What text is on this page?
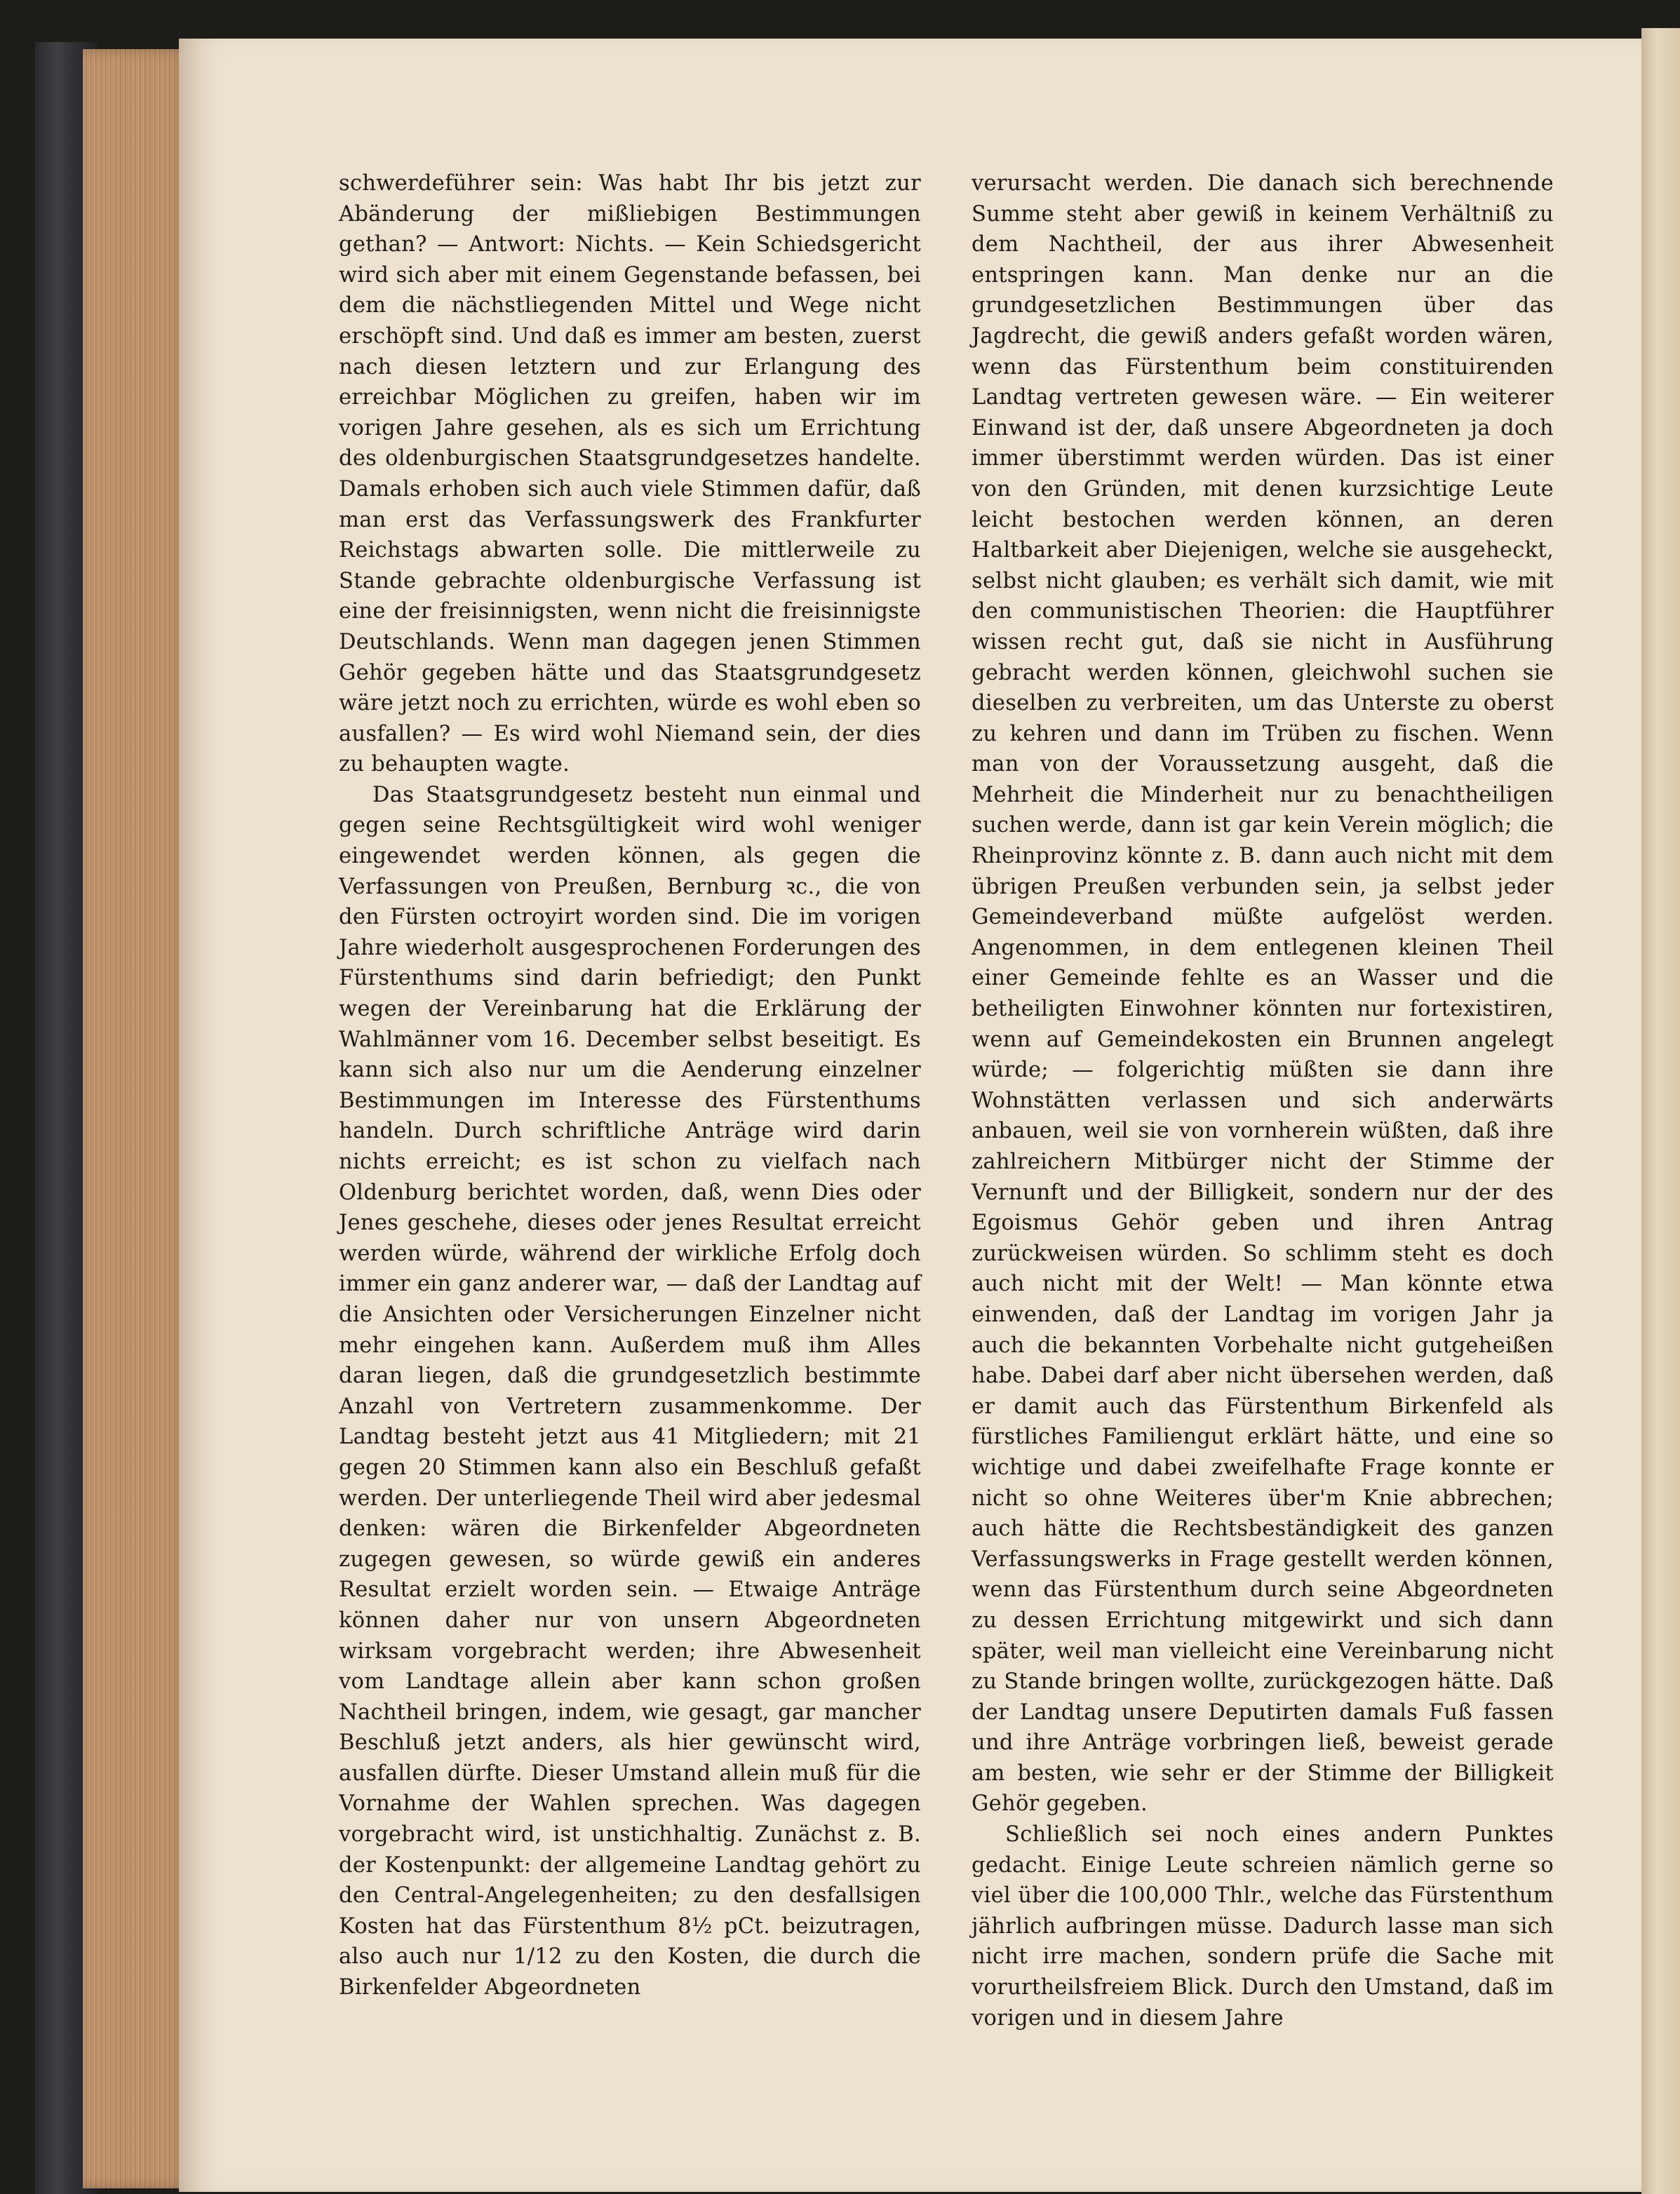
schwerdeführer sein: Was habt Ihr bis jetzt zur Abänderung der mißliebigen Bestimmungen gethan? — Antwort: Nichts. — Kein Schiedsgericht wird sich aber mit einem Gegenstande befassen, bei dem die nächstliegenden Mittel und Wege nicht erschöpft sind. Und daß es immer am besten, zuerst nach diesen letztern und zur Erlangung des erreichbar Möglichen zu greifen, haben wir im vorigen Jahre gesehen, als es sich um Errichtung des oldenburgischen Staatsgrundgesetzes handelte. Damals erhoben sich auch viele Stimmen dafür, daß man erst das Verfassungswerk des Frankfurter Reichstags abwarten solle. Die mittlerweile zu Stande gebrachte oldenburgische Verfassung ist eine der freisinnigsten, wenn nicht die freisinnigste Deutschlands. Wenn man dagegen jenen Stimmen Gehör gegeben hätte und das Staatsgrundgesetz wäre jetzt noch zu errichten, würde es wohl eben so ausfallen? — Es wird wohl Niemand sein, der dies zu behaupten wagte.

Das Staatsgrundgesetz besteht nun einmal und gegen seine Rechtsgültigkeit wird wohl weniger eingewendet werden können, als gegen die Verfassungen von Preußen, Bernburg ꝛc., die von den Fürsten octroyirt worden sind. Die im vorigen Jahre wiederholt ausgesprochenen Forderungen des Fürstenthums sind darin befriedigt; den Punkt wegen der Vereinbarung hat die Erklärung der Wahlmänner vom 16. December selbst beseitigt. Es kann sich also nur um die Aenderung einzelner Bestimmungen im Interesse des Fürstenthums handeln. Durch schriftliche Anträge wird darin nichts erreicht; es ist schon zu vielfach nach Oldenburg berichtet worden, daß, wenn Dies oder Jenes geschehe, dieses oder jenes Resultat erreicht werden würde, während der wirkliche Erfolg doch immer ein ganz anderer war, — daß der Landtag auf die Ansichten oder Versicherungen Einzelner nicht mehr eingehen kann. Außerdem muß ihm Alles daran liegen, daß die grundgesetzlich bestimmte Anzahl von Vertretern zusammenkomme. Der Landtag besteht jetzt aus 41 Mitgliedern; mit 21 gegen 20 Stimmen kann also ein Beschluß gefaßt werden. Der unterliegende Theil wird aber jedesmal denken: wären die Birkenfelder Abgeordneten zugegen gewesen, so würde gewiß ein anderes Resultat erzielt worden sein. — Etwaige Anträge können daher nur von unsern Abgeordneten wirksam vorgebracht werden; ihre Abwesenheit vom Landtage allein aber kann schon großen Nachtheil bringen, indem, wie gesagt, gar mancher Beschluß jetzt anders, als hier gewünscht wird, ausfallen dürfte. Dieser Umstand allein muß für die Vornahme der Wahlen sprechen. Was dagegen vorgebracht wird, ist unstichhaltig. Zunächst z. B. der Kostenpunkt: der allgemeine Landtag gehört zu den Central-Angelegenheiten; zu den desfallsigen Kosten hat das Fürstenthum 8½ pCt. beizutragen, also auch nur 1/12 zu den Kosten, die durch die Birkenfelder Abgeordneten

verursacht werden. Die danach sich berechnende Summe steht aber gewiß in keinem Verhältniß zu dem Nachtheil, der aus ihrer Abwesenheit entspringen kann. Man denke nur an die grundgesetzlichen Bestimmungen über das Jagdrecht, die gewiß anders gefaßt worden wären, wenn das Fürstenthum beim constituirenden Landtag vertreten gewesen wäre. — Ein weiterer Einwand ist der, daß unsere Abgeordneten ja doch immer überstimmt werden würden. Das ist einer von den Gründen, mit denen kurzsichtige Leute leicht bestochen werden können, an deren Haltbarkeit aber Diejenigen, welche sie ausgeheckt, selbst nicht glauben; es verhält sich damit, wie mit den communistischen Theorien: die Hauptführer wissen recht gut, daß sie nicht in Ausführung gebracht werden können, gleichwohl suchen sie dieselben zu verbreiten, um das Unterste zu oberst zu kehren und dann im Trüben zu fischen. Wenn man von der Voraussetzung ausgeht, daß die Mehrheit die Minderheit nur zu benachtheiligen suchen werde, dann ist gar kein Verein möglich; die Rheinprovinz könnte z. B. dann auch nicht mit dem übrigen Preußen verbunden sein, ja selbst jeder Gemeindeverband müßte aufgelöst werden. Angenommen, in dem entlegenen kleinen Theil einer Gemeinde fehlte es an Wasser und die betheiligten Einwohner könnten nur fortexistiren, wenn auf Gemeindekosten ein Brunnen angelegt würde; — folgerichtig müßten sie dann ihre Wohnstätten verlassen und sich anderwärts anbauen, weil sie von vornherein wüßten, daß ihre zahlreichern Mitbürger nicht der Stimme der Vernunft und der Billigkeit, sondern nur der des Egoismus Gehör geben und ihren Antrag zurückweisen würden. So schlimm steht es doch auch nicht mit der Welt! — Man könnte etwa einwenden, daß der Landtag im vorigen Jahr ja auch die bekannten Vorbehalte nicht gutgeheißen habe. Dabei darf aber nicht übersehen werden, daß er damit auch das Fürstenthum Birkenfeld als fürstliches Familiengut erklärt hätte, und eine so wichtige und dabei zweifelhafte Frage konnte er nicht so ohne Weiteres über'm Knie abbrechen; auch hätte die Rechtsbeständigkeit des ganzen Verfassungswerks in Frage gestellt werden können, wenn das Fürstenthum durch seine Abgeordneten zu dessen Errichtung mitgewirkt und sich dann später, weil man vielleicht eine Vereinbarung nicht zu Stande bringen wollte, zurückgezogen hätte. Daß der Landtag unsere Deputirten damals Fuß fassen und ihre Anträge vorbringen ließ, beweist gerade am besten, wie sehr er der Stimme der Billigkeit Gehör gegeben.

Schließlich sei noch eines andern Punktes gedacht. Einige Leute schreien nämlich gerne so viel über die 100,000 Thlr., welche das Fürstenthum jährlich aufbringen müsse. Dadurch lasse man sich nicht irre machen, sondern prüfe die Sache mit vorurtheilsfreiem Blick. Durch den Umstand, daß im vorigen und in diesem Jahre
